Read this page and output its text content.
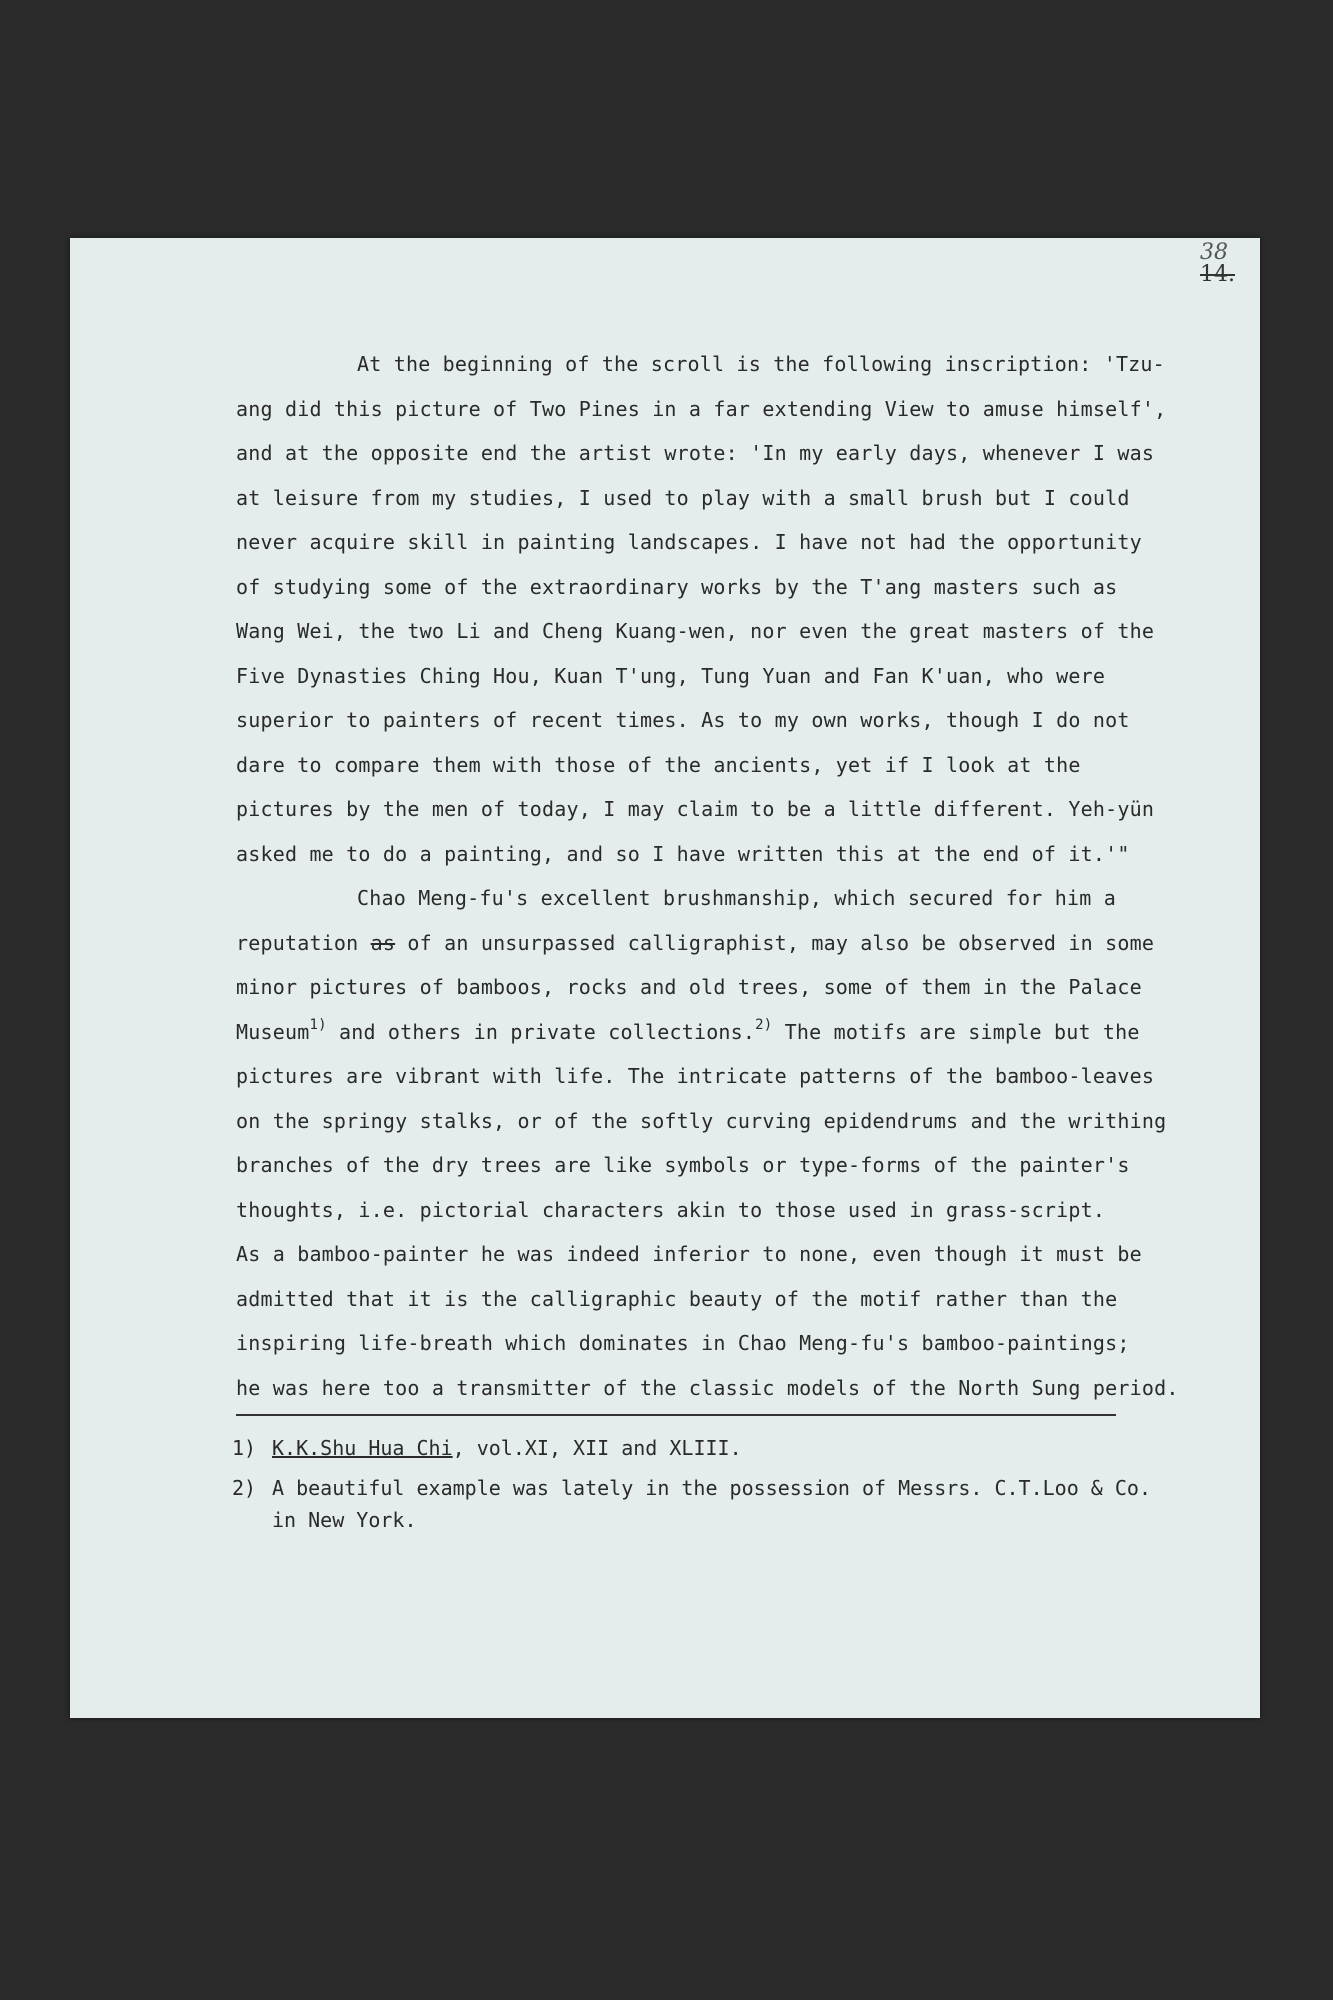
38
14.
At the beginning of the scroll is the following inscription: 'Tzu-
ang did this picture of Two Pines in a far extending View to amuse himself',
and at the opposite end the artist wrote: 'In my early days, whenever I was
at leisure from my studies, I used to play with a small brush but I could
never acquire skill in painting landscapes. I have not had the opportunity
of studying some of the extraordinary works by the T'ang masters such as
Wang Wei, the two Li and Cheng Kuang-wen, nor even the great masters of the
Five Dynasties Ching Hou, Kuan T'ung, Tung Yuan and Fan K'uan, who were
superior to painters of recent times. As to my own works, though I do not
dare to compare them with those of the ancients, yet if I look at the
pictures by the men of today, I may claim to be a little different. Yeh-yün
asked me to do a painting, and so I have written this at the end of it.'"
Chao Meng-fu's excellent brushmanship, which secured for him a
reputation as of an unsurpassed calligraphist, may also be observed in some
minor pictures of bamboos, rocks and old trees, some of them in the Palace
Museum$^{1)}$ and others in private collections.$^{2)}$ The motifs are simple but the
pictures are vibrant with life. The intricate patterns of the bamboo-leaves
on the springy stalks, or of the softly curving epidendrums and the writhing
branches of the dry trees are like symbols or type-forms of the painter's
thoughts, i.e. pictorial characters akin to those used in grass-script.
As a bamboo-painter he was indeed inferior to none, even though it must be
admitted that it is the calligraphic beauty of the motif rather than the
inspiring life-breath which dominates in Chao Meng-fu's bamboo-paintings;
he was here too a transmitter of the classic models of the North Sung period.
1) K.K.Shu Hua Chi, vol.XI, XII and XLIII.
2) A beautiful example was lately in the possession of Messrs. C.T.Loo & Co.
in New York.
